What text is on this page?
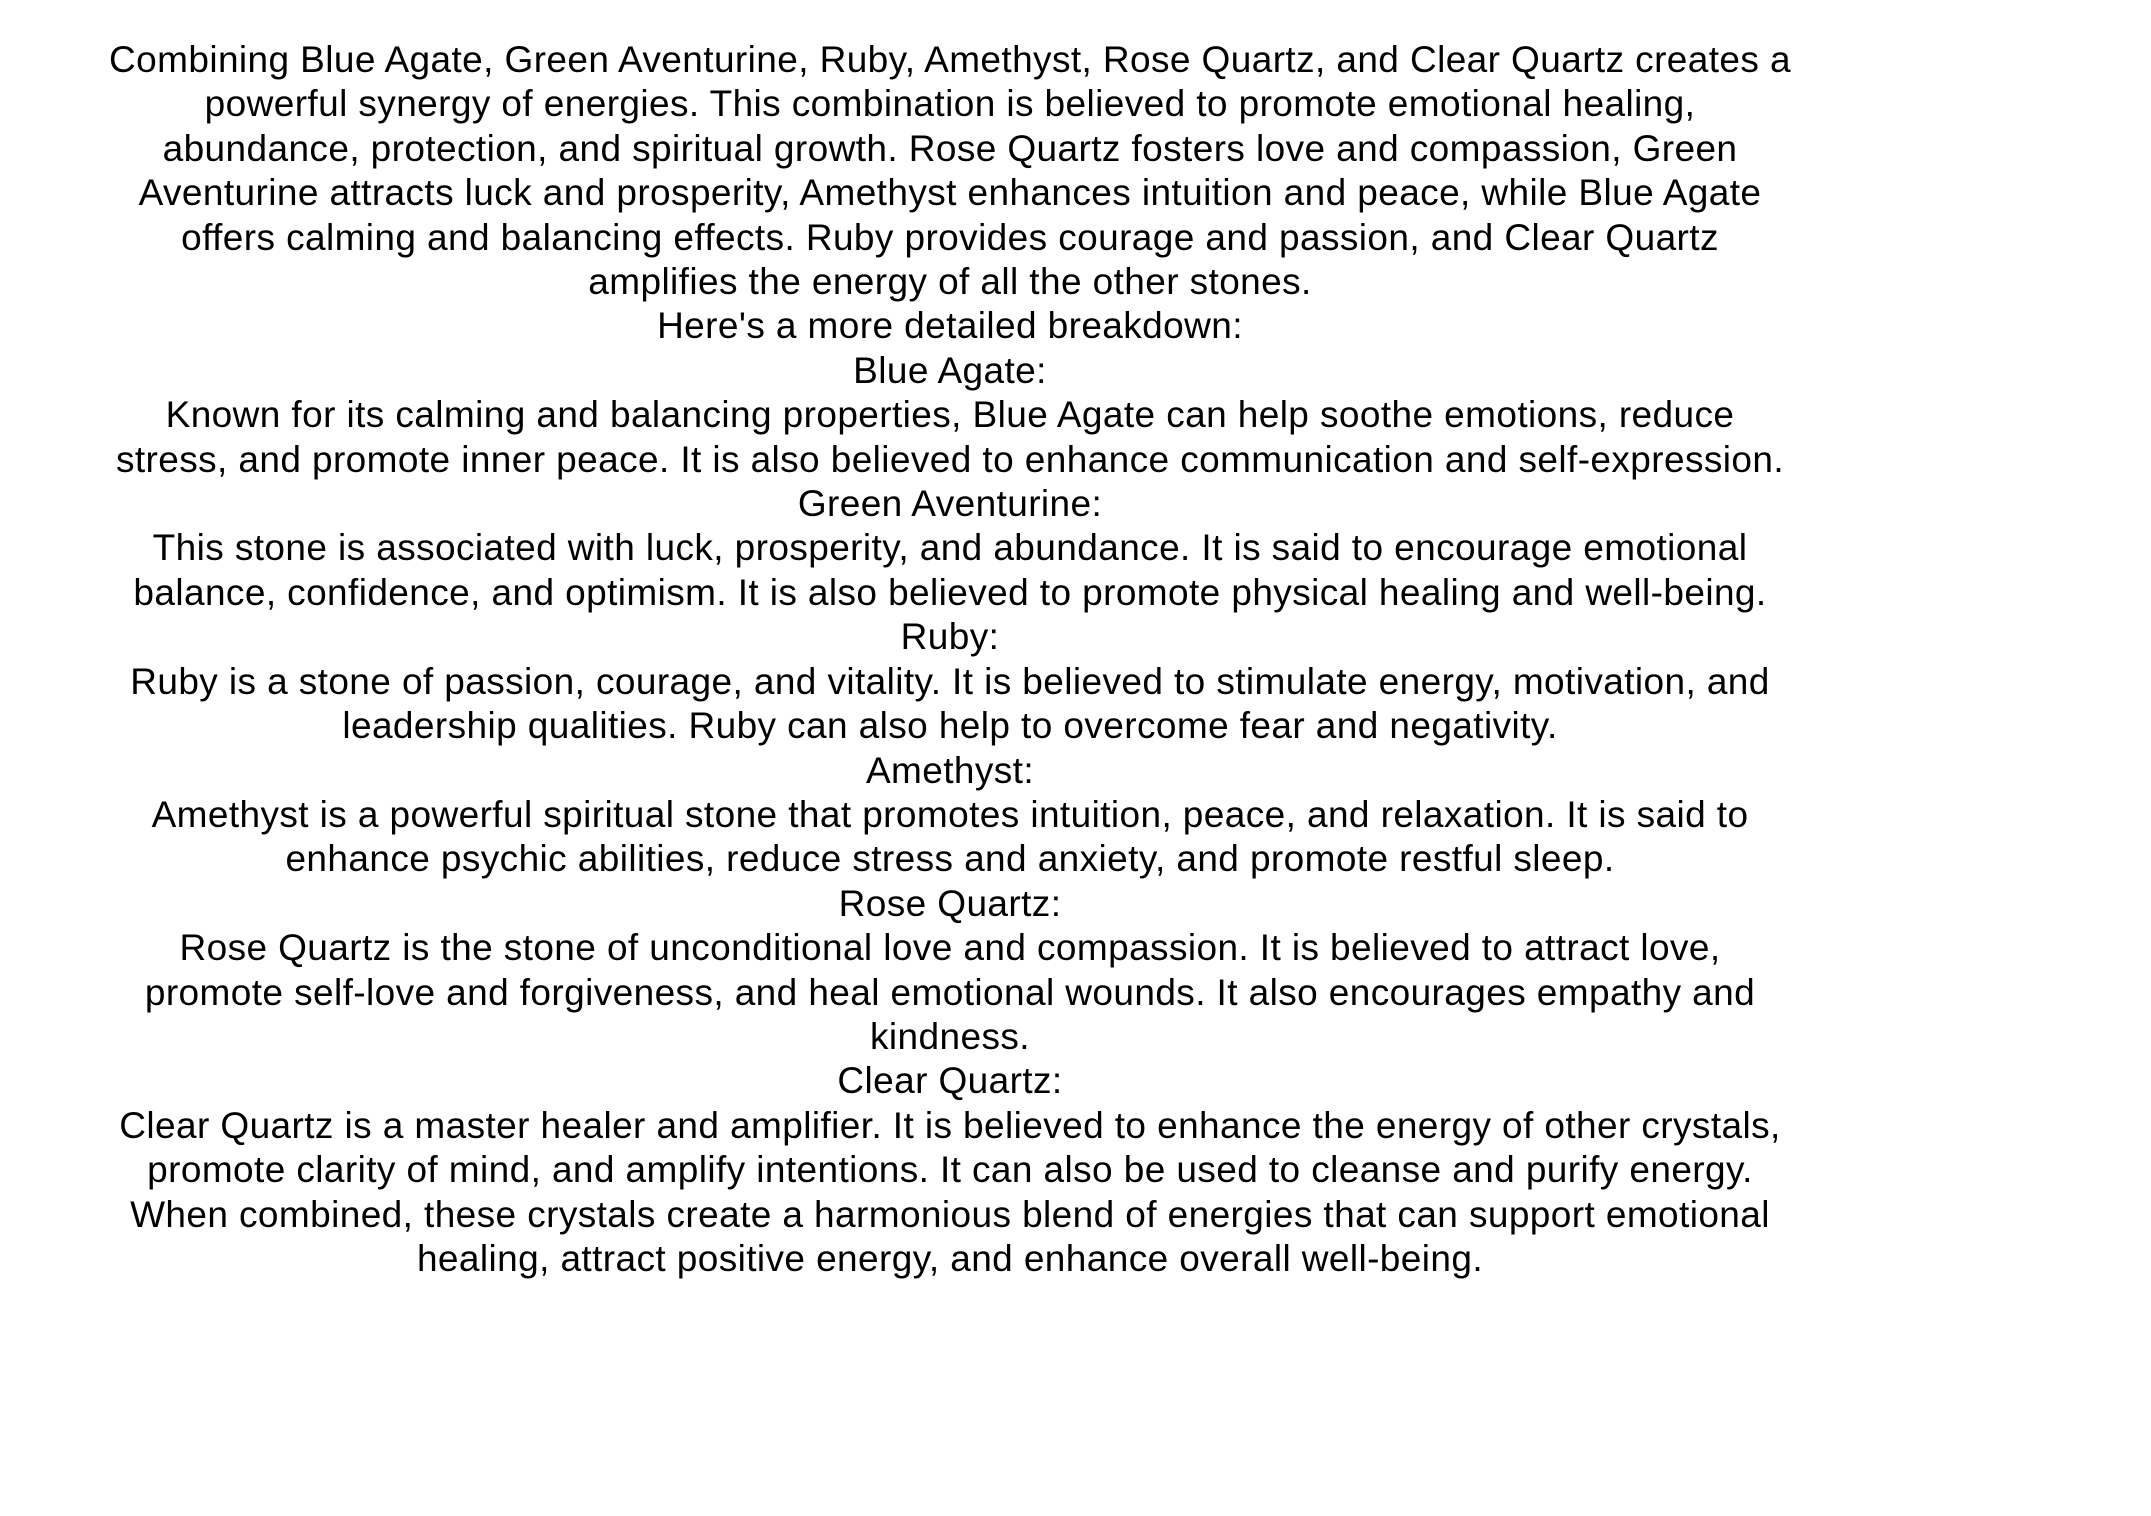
Combining Blue Agate, Green Aventurine, Ruby, Amethyst, Rose Quartz, and Clear Quartz creates a
powerful synergy of energies. This combination is believed to promote emotional healing,
abundance, protection, and spiritual growth. Rose Quartz fosters love and compassion, Green
Aventurine attracts luck and prosperity, Amethyst enhances intuition and peace, while Blue Agate
offers calming and balancing effects. Ruby provides courage and passion, and Clear Quartz
amplifies the energy of all the other stones.
Here's a more detailed breakdown:
Blue Agate:
Known for its calming and balancing properties, Blue Agate can help soothe emotions, reduce
stress, and promote inner peace. It is also believed to enhance communication and self-expression.
Green Aventurine:
This stone is associated with luck, prosperity, and abundance. It is said to encourage emotional
balance, confidence, and optimism. It is also believed to promote physical healing and well-being.
Ruby:
Ruby is a stone of passion, courage, and vitality. It is believed to stimulate energy, motivation, and
leadership qualities. Ruby can also help to overcome fear and negativity.
Amethyst:
Amethyst is a powerful spiritual stone that promotes intuition, peace, and relaxation. It is said to
enhance psychic abilities, reduce stress and anxiety, and promote restful sleep.
Rose Quartz:
Rose Quartz is the stone of unconditional love and compassion. It is believed to attract love,
promote self-love and forgiveness, and heal emotional wounds. It also encourages empathy and
kindness.
Clear Quartz:
Clear Quartz is a master healer and amplifier. It is believed to enhance the energy of other crystals,
promote clarity of mind, and amplify intentions. It can also be used to cleanse and purify energy.
When combined, these crystals create a harmonious blend of energies that can support emotional
healing, attract positive energy, and enhance overall well-being.
